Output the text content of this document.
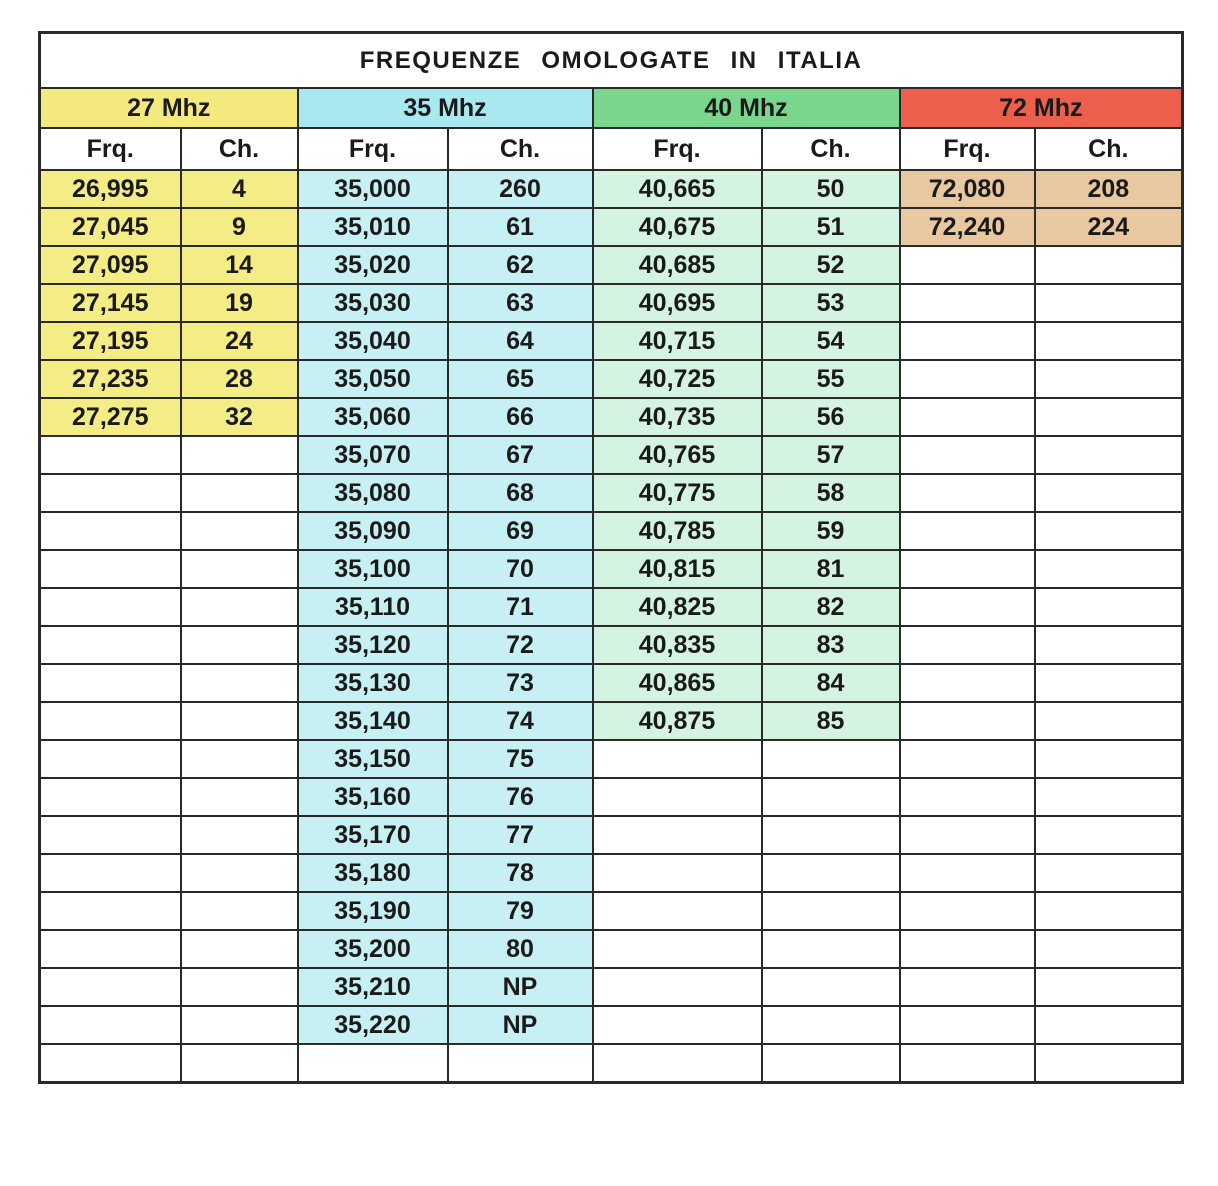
FREQUENZE OMOLOGATE IN ITALIA							
27 Mhz		35 Mhz		40 Mhz		72 Mhz	
Frq.	Ch.	Frq.	Ch.	Frq.	Ch.	Frq.	Ch.
26,995	4	35,000	260	40,665	50	72,080	208
27,045	9	35,010	61	40,675	51	72,240	224
27,095	14	35,020	62	40,685	52		
27,145	19	35,030	63	40,695	53		
27,195	24	35,040	64	40,715	54		
27,235	28	35,050	65	40,725	55		
27,275	32	35,060	66	40,735	56		
		35,070	67	40,765	57		
		35,080	68	40,775	58		
		35,090	69	40,785	59		
		35,100	70	40,815	81		
		35,110	71	40,825	82		
		35,120	72	40,835	83		
		35,130	73	40,865	84		
		35,140	74	40,875	85		
		35,150	75				
		35,160	76				
		35,170	77				
		35,180	78				
		35,190	79				
		35,200	80				
		35,210	NP				
		35,220	NP				
